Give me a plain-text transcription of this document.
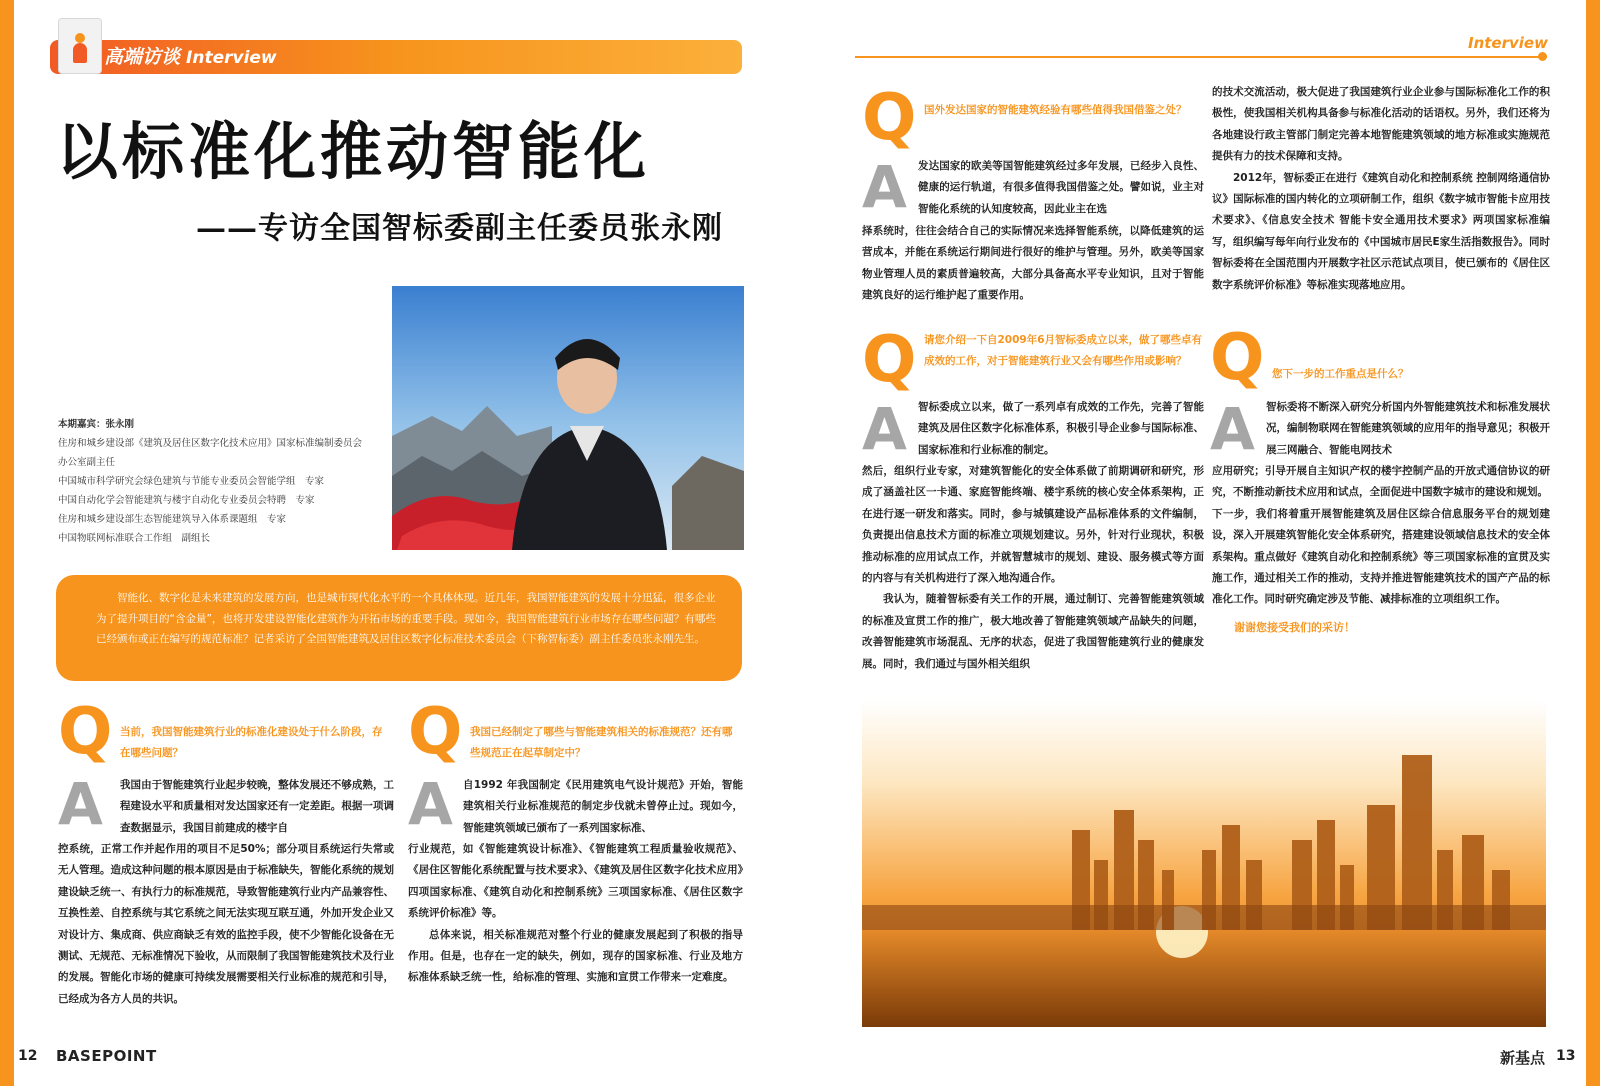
高端访谈 Interview
以标准化推动智能化
——专访全国智标委副主任委员张永刚
本期嘉宾：张永刚
住房和城乡建设部《建筑及居住区数字化技术应用》国家标准编制委员会
办公室副主任
中国城市科学研究会绿色建筑与节能专业委员会智能学组　专家
中国自动化学会智能建筑与楼宇自动化专业委员会特聘　专家
住房和城乡建设部生态智能建筑导入体系课题组　专家
中国物联网标准联合工作组　副组长

智能化、数字化是未来建筑的发展方向，也是城市现代化水平的一个具体体现。近几年，我国智能建筑的发展十分迅猛，很多企业为了提升项目的“含金量”，也将开发建设智能化建筑作为开拓市场的重要手段。现如今，我国智能建筑行业市场存在哪些问题？有哪些已经颁布或正在编写的规范标准？记者采访了全国智能建筑及居住区数字化标准技术委员会（下称智标委）副主任委员张永刚先生。

Q 当前，我国智能建筑行业的标准化建设处于什么阶段，存在哪些问题？
A 我国由于智能建筑行业起步较晚，整体发展还不够成熟，工程建设水平和质量相对发达国家还有一定差距。根据一项调查数据显示，我国目前建成的楼宇自
控系统，正常工作并起作用的项目不足50%；部分项目系统运行失常或无人管理。造成这种问题的根本原因是由于标准缺失，智能化系统的规划建设缺乏统一、有执行力的标准规范，导致智能建筑行业内产品兼容性、互换性差、自控系统与其它系统之间无法实现互联互通，外加开发企业又对设计方、集成商、供应商缺乏有效的监控手段，使不少智能化设备在无测试、无规范、无标准情况下验收，从而限制了我国智能建筑技术及行业的发展。智能化市场的健康可持续发展需要相关行业标准的规范和引导，已经成为各方人员的共识。
Q 我国已经制定了哪些与智能建筑相关的标准规范？还有哪些规范正在起草制定中？
A 自1992 年我国制定《民用建筑电气设计规范》开始，智能建筑相关行业标准规范的制定步伐就未曾停止过。现如今，智能建筑领域已颁布了一系列国家标准、

行业规范，如《智能建筑设计标准》、《智能建筑工程质量验收规范》、《居住区智能化系统配置与技术要求》、《建筑及居住区数字化技术应用》四项国家标准、《建筑自动化和控制系统》三项国家标准、《居住区数字系统评价标准》等。

总体来说，相关标准规范对整个行业的健康发展起到了积极的指导作用。但是，也存在一定的缺失，例如，现存的国家标准、行业及地方标准体系缺乏统一性，给标准的管理、实施和宣贯工作带来一定难度。

12 BASEPOINT
Interview
Q 国外发达国家的智能建筑经验有哪些值得我国借鉴之处？
A 发达国家的欧美等国智能建筑经过多年发展，已经步入良性、健康的运行轨道，有很多值得我国借鉴之处。譬如说，业主对智能化系统的认知度较高，因此业主在选
择系统时，往往会结合自己的实际情况来选择智能系统，以降低建筑的运营成本，并能在系统运行期间进行很好的维护与管理。另外，欧美等国家物业管理人员的素质普遍较高，大部分具备高水平专业知识，且对于智能建筑良好的运行维护起了重要作用。
Q 请您介绍一下自2009年6月智标委成立以来，做了哪些卓有成效的工作，对于智能建筑行业又会有哪些作用或影响？
A 智标委成立以来，做了一系列卓有成效的工作先，完善了智能建筑及居住区数字化标准体系，积极引导企业参与国际标准、国家标准和行业标准的制定。

然后，组织行业专家，对建筑智能化的安全体系做了前期调研和研究，形成了涵盖社区一卡通、家庭智能终端、楼宇系统的核心安全体系架构，正在进行逐一研发和落实。同时，参与城镇建设产品标准体系的文件编制，负责提出信息技术方面的标准立项规划建议。另外，针对行业现状，积极推动标准的应用试点工作，并就智慧城市的规划、建设、服务模式等方面的内容与有关机构进行了深入地沟通合作。

我认为，随着智标委有关工作的开展，通过制订、完善智能建筑领域的标准及宣贯工作的推广，极大地改善了智能建筑领域产品缺失的问题，改善智能建筑市场混乱、无序的状态，促进了我国智能建筑行业的健康发展。同时，我们通过与国外相关组织

的技术交流活动，极大促进了我国建筑行业企业参与国际标准化工作的积极性，使我国相关机构具备参与标准化活动的话语权。另外，我们还将为各地建设行政主管部门制定完善本地智能建筑领域的地方标准或实施规范提供有力的技术保障和支持。

2012年，智标委正在进行《建筑自动化和控制系统 控制网络通信协议》国际标准的国内转化的立项研制工作，组织《数字城市智能卡应用技术要求》、《信息安全技术 智能卡安全通用技术要求》两项国家标准编写，组织编写每年向行业发布的《中国城市居民E家生活指数报告》。同时智标委将在全国范围内开展数字社区示范试点项目，使已颁布的《居住区数字系统评价标准》等标准实现落地应用。

Q 您下一步的工作重点是什么？
A 智标委将不断深入研究分析国内外智能建筑技术和标准发展状况，编制物联网在智能建筑领域的应用年的指导意见；积极开展三网融合、智能电网技术

应用研究；引导开展自主知识产权的楼宇控制产品的开放式通信协议的研究，不断推动新技术应用和试点，全面促进中国数字城市的建设和规划。

下一步，我们将着重开展智能建筑及居住区综合信息服务平台的规划建设，深入开展建筑智能化安全体系研究，搭建建设领域信息技术的安全体系架构。重点做好《建筑自动化和控制系统》等三项国家标准的宣贯及实施工作，通过相关工作的推动，支持并推进智能建筑技术的国产产品的标准化工作。同时研究确定涉及节能、减排标准的立项组织工作。

谢谢您接受我们的采访！

新基点 13
